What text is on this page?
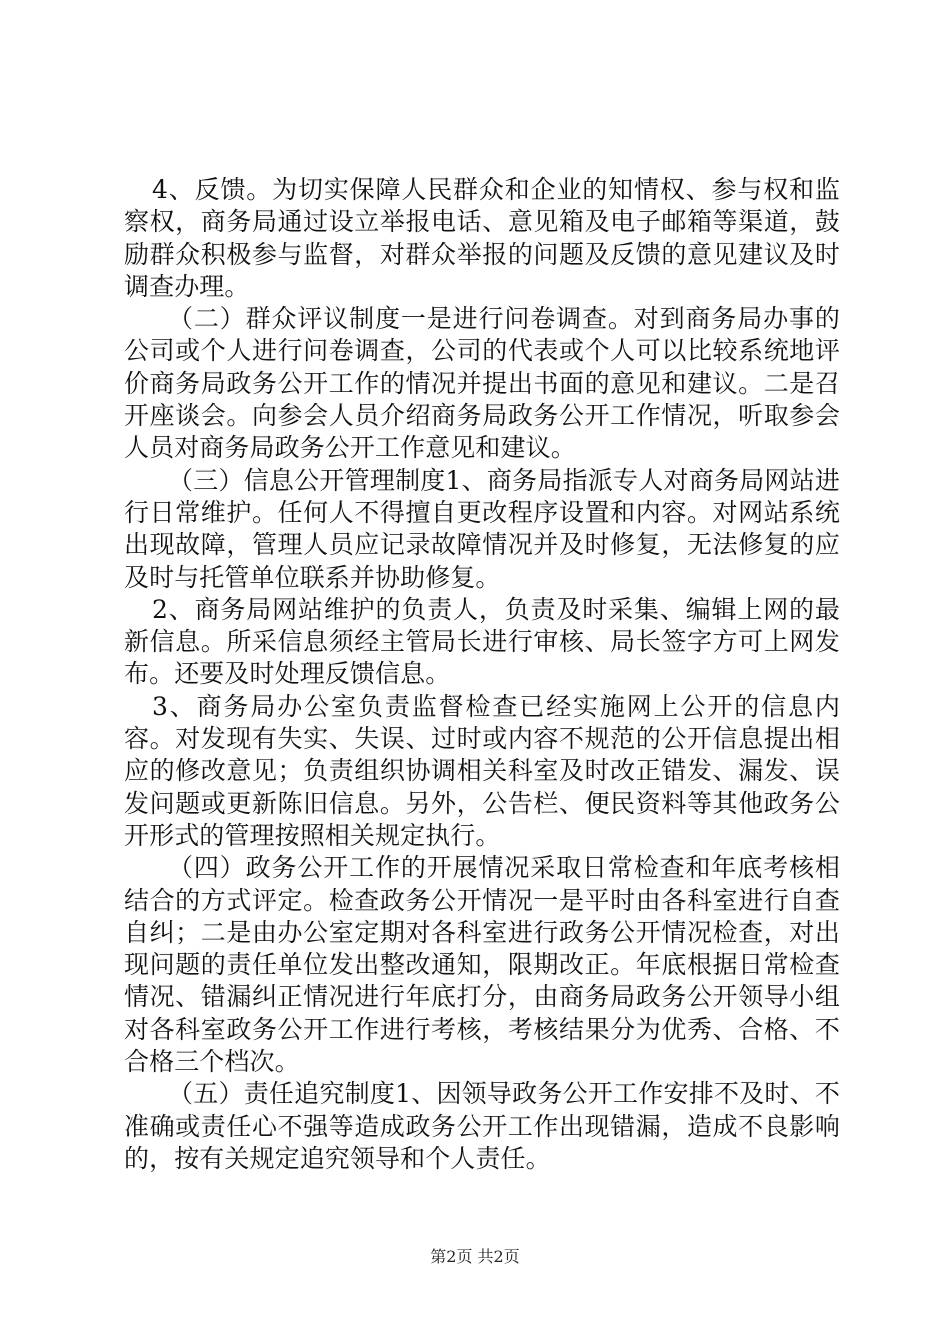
4、反馈。为切实保障人民群众和企业的知情权、参与权和监察权，商务局通过设立举报电话、意见箱及电子邮箱等渠道，鼓励群众积极参与监督，对群众举报的问题及反馈的意见建议及时调查办理。

（二）群众评议制度一是进行问卷调查。对到商务局办事的公司或个人进行问卷调查，公司的代表或个人可以比较系统地评价商务局政务公开工作的情况并提出书面的意见和建议。二是召开座谈会。向参会人员介绍商务局政务公开工作情况，听取参会人员对商务局政务公开工作意见和建议。

（三）信息公开管理制度1、商务局指派专人对商务局网站进行日常维护。任何人不得擅自更改程序设置和内容。对网站系统出现故障，管理人员应记录故障情况并及时修复，无法修复的应及时与托管单位联系并协助修复。

2、商务局网站维护的负责人，负责及时采集、编辑上网的最新信息。所采信息须经主管局长进行审核、局长签字方可上网发布。还要及时处理反馈信息。

3、商务局办公室负责监督检查已经实施网上公开的信息内容。对发现有失实、失误、过时或内容不规范的公开信息提出相应的修改意见；负责组织协调相关科室及时改正错发、漏发、误发问题或更新陈旧信息。另外，公告栏、便民资料等其他政务公开形式的管理按照相关规定执行。

（四）政务公开工作的开展情况采取日常检查和年底考核相结合的方式评定。检查政务公开情况一是平时由各科室进行自查自纠；二是由办公室定期对各科室进行政务公开情况检查，对出现问题的责任单位发出整改通知，限期改正。年底根据日常检查情况、错漏纠正情况进行年底打分，由商务局政务公开领导小组对各科室政务公开工作进行考核，考核结果分为优秀、合格、不合格三个档次。

（五）责任追究制度1、因领导政务公开工作安排不及时、不准确或责任心不强等造成政务公开工作出现错漏，造成不良影响的，按有关规定追究领导和个人责任。

第2页 共2页
